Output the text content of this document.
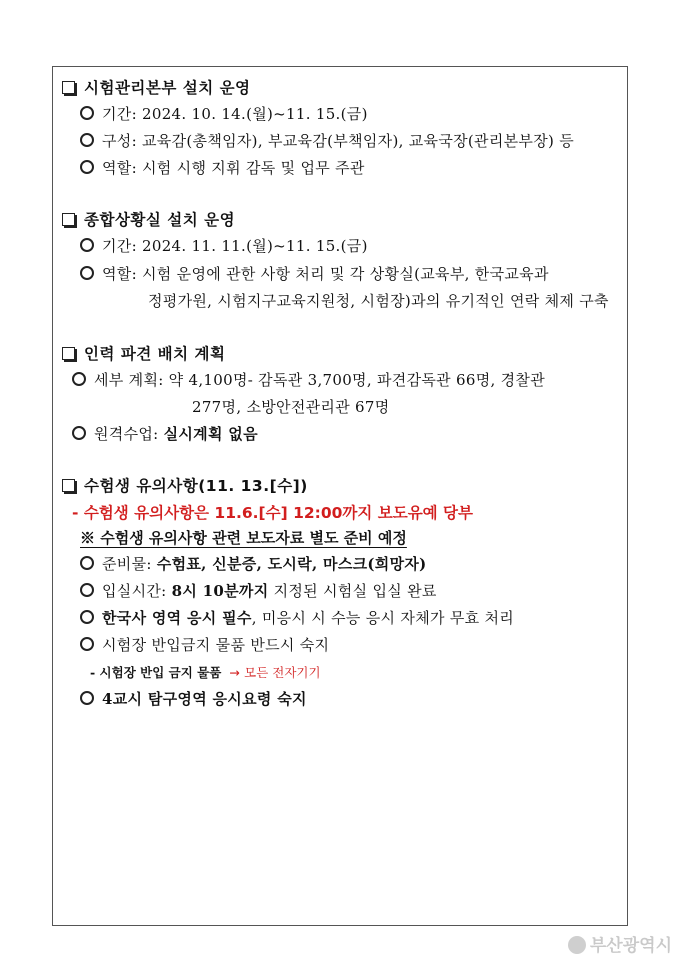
시험관리본부 설치 운영
기간: 2024. 10. 14.(월)~11. 15.(금)
구성: 교육감(총책임자), 부교육감(부책임자), 교육국장(관리본부장) 등
역할: 시험 시행 지휘 감독 및 업무 주관
종합상황실 설치 운영
기간: 2024. 11. 11.(월)~11. 15.(금)
역할: 시험 운영에 관한 사항 처리 및 각 상황실(교육부, 한국교육과
정평가원, 시험지구교육지원청, 시험장)과의 유기적인 연락 체제 구축
인력 파견 배치 계획
세부 계획: 약 4,100명- 감독관 3,700명, 파견감독관 66명, 경찰관
277명, 소방안전관리관 67명
원격수업: 실시계획 없음
수험생 유의사항(11. 13.[수])
- 수험생 유의사항은 11.6.[수] 12:00까지 보도유예 당부
※ 수험생 유의사항 관련 보도자료 별도 준비 예정
준비물: 수험표, 신분증, 도시락, 마스크(희망자)
입실시간: 8시 10분까지 지정된 시험실 입실 완료
한국사 영역 응시 필수, 미응시 시 수능 응시 자체가 무효 처리
시험장 반입금지 물품 반드시 숙지
- 시험장 반입 금지 물품 → 모든 전자기기
4교시 탐구영역 응시요령 숙지
부산광역시
